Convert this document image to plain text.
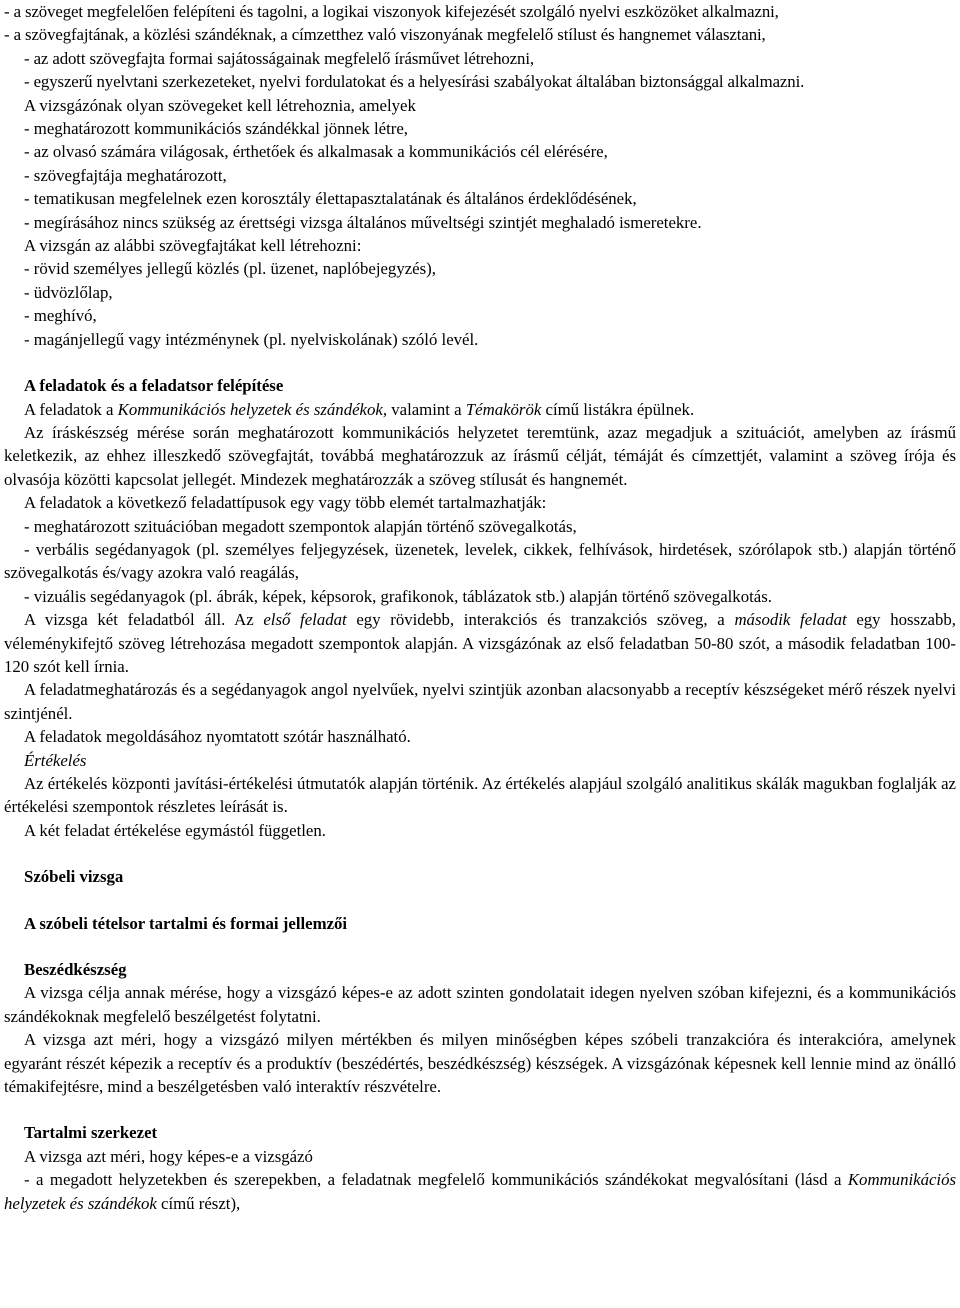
- a szöveget megfelelően felépíteni és tagolni, a logikai viszonyok kifejezését szolgáló nyelvi eszközöket alkalmazni,

- a szövegfajtának, a közlési szándéknak, a címzetthez való viszonyának megfelelő stílust és hangnemet választani,

- az adott szövegfajta formai sajátosságainak megfelelő írásművet létrehozni,

- egyszerű nyelvtani szerkezeteket, nyelvi fordulatokat és a helyesírási szabályokat általában biztonsággal alkalmazni.

A vizsgázónak olyan szövegeket kell létrehoznia, amelyek

- meghatározott kommunikációs szándékkal jönnek létre,

- az olvasó számára világosak, érthetőek és alkalmasak a kommunikációs cél elérésére,

- szövegfajtája meghatározott,

- tematikusan megfelelnek ezen korosztály élettapasztalatának és általános érdeklődésének,

- megírásához nincs szükség az érettségi vizsga általános műveltségi szintjét meghaladó ismeretekre.

A vizsgán az alábbi szövegfajtákat kell létrehozni:

- rövid személyes jellegű közlés (pl. üzenet, naplóbejegyzés),

- üdvözlőlap,

- meghívó,

- magánjellegű vagy intézménynek (pl. nyelviskolának) szóló levél.

A feladatok és a feladatsor felépítése

A feladatok a Kommunikációs helyzetek és szándékok, valamint a Témakörök című listákra épülnek.

Az íráskészség mérése során meghatározott kommunikációs helyzetet teremtünk, azaz megadjuk a szituációt, amelyben az írásmű keletkezik, az ehhez illeszkedő szövegfajtát, továbbá meghatározzuk az írásmű célját, témáját és címzettjét, valamint a szöveg írója és olvasója közötti kapcsolat jellegét. Mindezek meghatározzák a szöveg stílusát és hangnemét.

A feladatok a következő feladattípusok egy vagy több elemét tartalmazhatják:

- meghatározott szituációban megadott szempontok alapján történő szövegalkotás,

- verbális segédanyagok (pl. személyes feljegyzések, üzenetek, levelek, cikkek, felhívások, hirdetések, szórólapok stb.) alapján történő szövegalkotás és/vagy azokra való reagálás,

- vizuális segédanyagok (pl. ábrák, képek, képsorok, grafikonok, táblázatok stb.) alapján történő szövegalkotás.

A vizsga két feladatból áll. Az első feladat egy rövidebb, interakciós és tranzakciós szöveg, a második feladat egy hosszabb, véleménykifejtő szöveg létrehozása megadott szempontok alapján. A vizsgázónak az első feladatban 50-80 szót, a második feladatban 100-120 szót kell írnia.

A feladatmeghatározás és a segédanyagok angol nyelvűek, nyelvi szintjük azonban alacsonyabb a receptív készségeket mérő részek nyelvi szintjénél.

A feladatok megoldásához nyomtatott szótár használható.

Értékelés

Az értékelés központi javítási-értékelési útmutatók alapján történik. Az értékelés alapjául szolgáló analitikus skálák magukban foglalják az értékelési szempontok részletes leírását is.

A két feladat értékelése egymástól független.

Szóbeli vizsga

A szóbeli tételsor tartalmi és formai jellemzői

Beszédkészség

A vizsga célja annak mérése, hogy a vizsgázó képes-e az adott szinten gondolatait idegen nyelven szóban kifejezni, és a kommunikációs szándékoknak megfelelő beszélgetést folytatni.

A vizsga azt méri, hogy a vizsgázó milyen mértékben és milyen minőségben képes szóbeli tranzakcióra és interakcióra, amelynek egyaránt részét képezik a receptív és a produktív (beszédértés, beszédkészség) készségek. A vizsgázónak képesnek kell lennie mind az önálló témakifejtésre, mind a beszélgetésben való interaktív részvételre.

Tartalmi szerkezet

A vizsga azt méri, hogy képes-e a vizsgázó

- a megadott helyzetekben és szerepekben, a feladatnak megfelelő kommunikációs szándékokat megvalósítani (lásd a Kommunikációs helyzetek és szándékok című részt),
